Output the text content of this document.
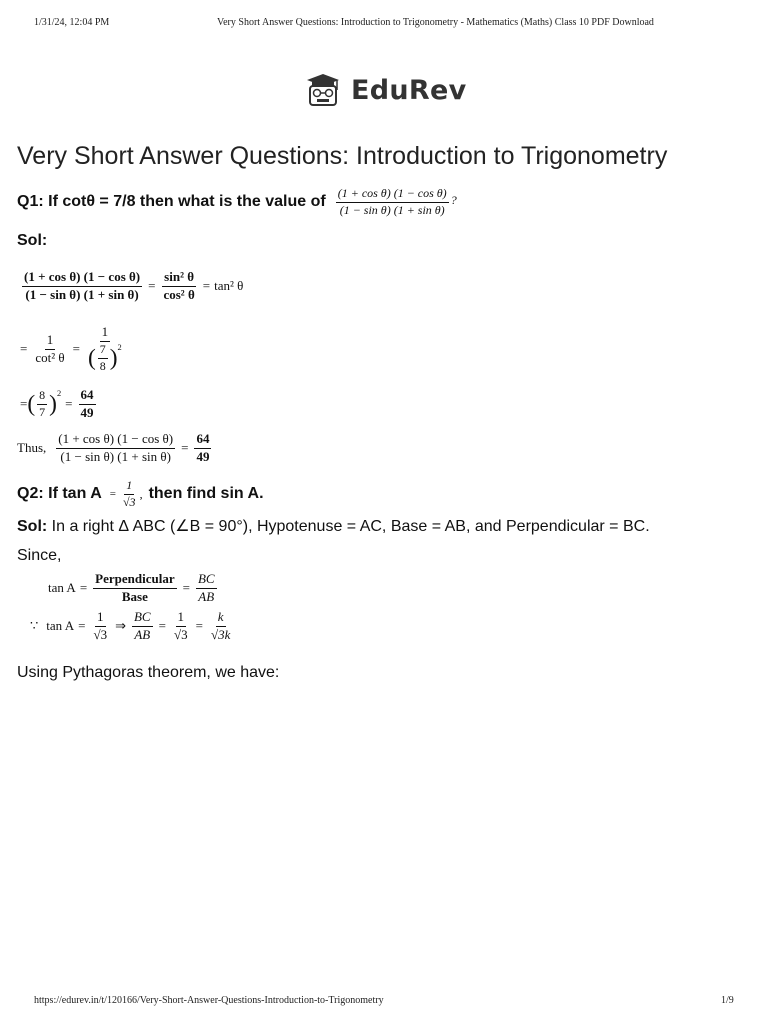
1/31/24, 12:04 PM	Very Short Answer Questions: Introduction to Trigonometry - Mathematics (Maths) Class 10 PDF Download
EduRev
Very Short Answer Questions: Introduction to Trigonometry
Q1: If cotθ = 7/8 then what is the value of $\frac{\text{(1 + cos θ) (1 − cos θ)}}{\text{(1 − sin θ) (1 + sin θ)}}$ ?
Sol:
$\frac{\text{(1 + cos θ) (1 − cos θ)}}{\text{(1 − sin θ) (1 + sin θ)}} = \frac{\text{sin² θ}}{\text{cos² θ}} = \tan^2$ θ
= $\frac{1}{\text{cot² θ}} = \frac{1}{( \frac{7}{8} )^2}$
= ( $\frac{8}{7} )^2$
= $\frac{64}{49}$
Thus, $\frac{\text{(1 + cos θ) (1 − cos θ)}}{\text{(1 − sin θ) (1 + sin θ)}} = \frac{64}{49}$
Q2: If $\tan A = \frac{1}{√3}$ , then find sin A.
Sol: In a right Δ ABC (∠B = 90°), Hypotenuse = AC, Base = AB, and Perpendicular = BC.
Since,
$\tan A = \frac{\text{Perpendicular}}{\text{Base}} = \frac{BC}{AB}$
∵ $\tan A = \frac{1}{√3}$ ⇒ $\frac{BC}{AB} = \frac{1}{√3} = \frac{k}{√3k}$
Using Pythagoras theorem, we have:
https://edurev.in/t/120166/Very-Short-Answer-Questions-Introduction-to-Trigonometry	1/9
